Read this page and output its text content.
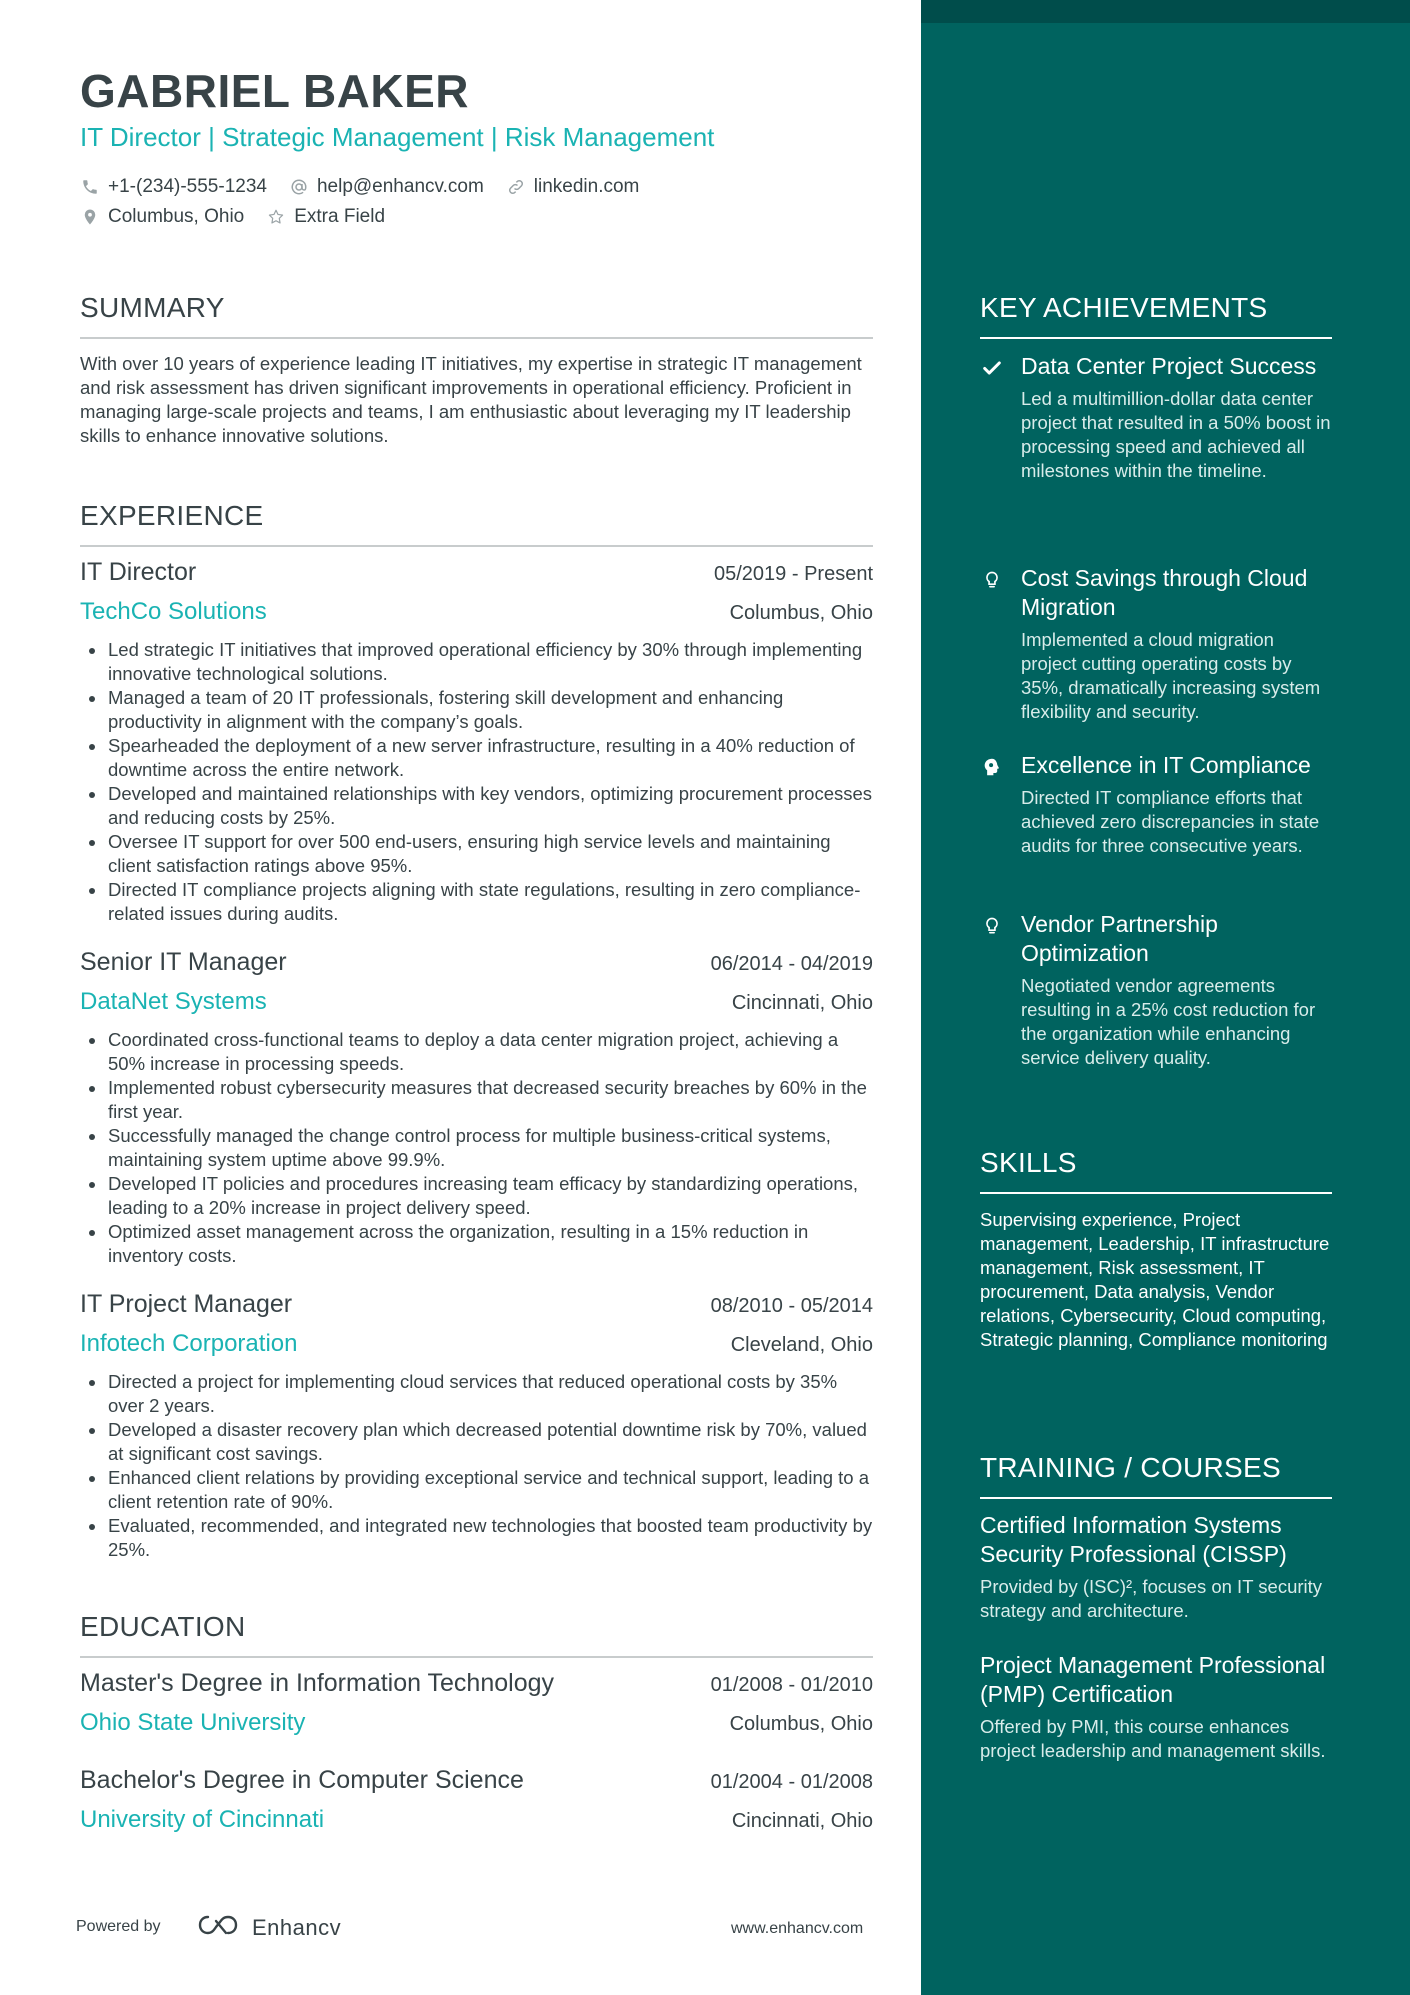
GABRIEL BAKER
IT Director | Strategic Management | Risk Management
+1-(234)-555-1234	help@enhancv.com	linkedin.com
Columbus, Ohio	Extra Field
SUMMARY
With over 10 years of experience leading IT initiatives, my expertise in strategic IT management and risk assessment has driven significant improvements in operational efficiency. Proficient in managing large-scale projects and teams, I am enthusiastic about leveraging my IT leadership skills to enhance innovative solutions.
EXPERIENCE
IT Director	05/2019 - Present
TechCo Solutions	Columbus, Ohio
Led strategic IT initiatives that improved operational efficiency by 30% through implementing innovative technological solutions.
Managed a team of 20 IT professionals, fostering skill development and enhancing productivity in alignment with the company’s goals.
Spearheaded the deployment of a new server infrastructure, resulting in a 40% reduction of downtime across the entire network.
Developed and maintained relationships with key vendors, optimizing procurement processes and reducing costs by 25%.
Oversee IT support for over 500 end-users, ensuring high service levels and maintaining client satisfaction ratings above 95%.
Directed IT compliance projects aligning with state regulations, resulting in zero compliance-related issues during audits.
Senior IT Manager	06/2014 - 04/2019
DataNet Systems	Cincinnati, Ohio
Coordinated cross-functional teams to deploy a data center migration project, achieving a 50% increase in processing speeds.
Implemented robust cybersecurity measures that decreased security breaches by 60% in the first year.
Successfully managed the change control process for multiple business-critical systems, maintaining system uptime above 99.9%.
Developed IT policies and procedures increasing team efficacy by standardizing operations, leading to a 20% increase in project delivery speed.
Optimized asset management across the organization, resulting in a 15% reduction in inventory costs.
IT Project Manager	08/2010 - 05/2014
Infotech Corporation	Cleveland, Ohio
Directed a project for implementing cloud services that reduced operational costs by 35% over 2 years.
Developed a disaster recovery plan which decreased potential downtime risk by 70%, valued at significant cost savings.
Enhanced client relations by providing exceptional service and technical support, leading to a client retention rate of 90%.
Evaluated, recommended, and integrated new technologies that boosted team productivity by 25%.
EDUCATION
Master's Degree in Information Technology	01/2008 - 01/2010
Ohio State University	Columbus, Ohio
Bachelor's Degree in Computer Science	01/2004 - 01/2008
University of Cincinnati	Cincinnati, Ohio
Powered by	Enhancv	www.enhancv.com
KEY ACHIEVEMENTS
Data Center Project Success
Led a multimillion-dollar data center project that resulted in a 50% boost in processing speed and achieved all milestones within the timeline.
Cost Savings through Cloud Migration
Implemented a cloud migration project cutting operating costs by 35%, dramatically increasing system flexibility and security.
Excellence in IT Compliance
Directed IT compliance efforts that achieved zero discrepancies in state audits for three consecutive years.
Vendor Partnership Optimization
Negotiated vendor agreements resulting in a 25% cost reduction for the organization while enhancing service delivery quality.
SKILLS
Supervising experience, Project management, Leadership, IT infrastructure management, Risk assessment, IT procurement, Data analysis, Vendor relations, Cybersecurity, Cloud computing, Strategic planning, Compliance monitoring
TRAINING / COURSES
Certified Information Systems Security Professional (CISSP)
Provided by (ISC)², focuses on IT security strategy and architecture.
Project Management Professional (PMP) Certification
Offered by PMI, this course enhances project leadership and management skills.
